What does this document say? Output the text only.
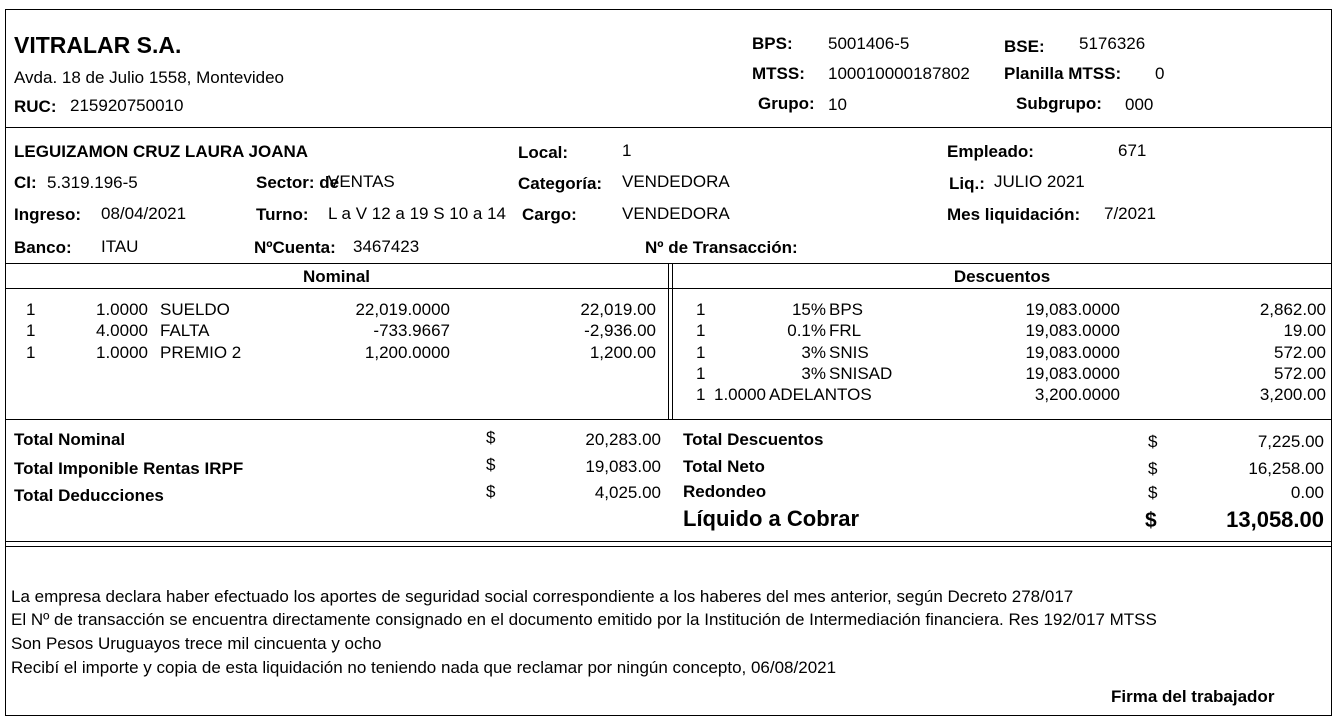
VITRALAR S.A.
Avda. 18 de Julio 1558, Montevideo
RUC: 215920750010
BPS: 5001406-5	BSE: 5176326
MTSS: 100010000187802 Planilla MTSS: 0
Grupo: 10	Subgrupo: 000
LEGUIZAMON CRUZ LAURA JOANA	Local:	1	Empleado:	671
CI: 5.319.196-5	Sector: de
VENTAS	Categoría: VENDEDORA	Liq.: JULIO 2021
Ingreso: 08/04/2021	Turno: L a V 12 a 19 S 10 a 14 Cargo:	VENDEDORA	Mes liquidación: 7/2021
Banco: ITAU	NºCuenta: 3467423	Nº de Transacción:
Nominal	Descuentos
1	1.0000 SUELDO	22,019.0000	22,019.00
1	4.0000 FALTA	-733.9667	-2,936.00
1	1.0000 PREMIO 2	1,200.0000	1,200.00
1	15% BPS	19,083.0000	2,862.00
1	0.1% FRL	19,083.0000	19.00
1	3% SNIS	19,083.0000	572.00
1	3% SNISAD	19,083.0000	572.00
1 1.0000 ADELANTOS	3,200.0000	3,200.00
Total Nominal	$	20,283.00
Total Imponible Rentas IRPF	$	19,083.00
Total Deducciones	$	4,025.00
Total Descuentos	$	7,225.00
Total Neto	$	16,258.00
Redondeo	$	0.00
Líquido a Cobrar	$	13,058.00
La empresa declara haber efectuado los aportes de seguridad social correspondiente a los haberes del mes anterior, según Decreto 278/017
El Nº de transacción se encuentra directamente consignado en el documento emitido por la Institución de Intermediación financiera. Res 192/017 MTSS
Son Pesos Uruguayos trece mil cincuenta y ocho
Recibí el importe y copia de esta liquidación no teniendo nada que reclamar por ningún concepto, 06/08/2021
Firma del trabajador
